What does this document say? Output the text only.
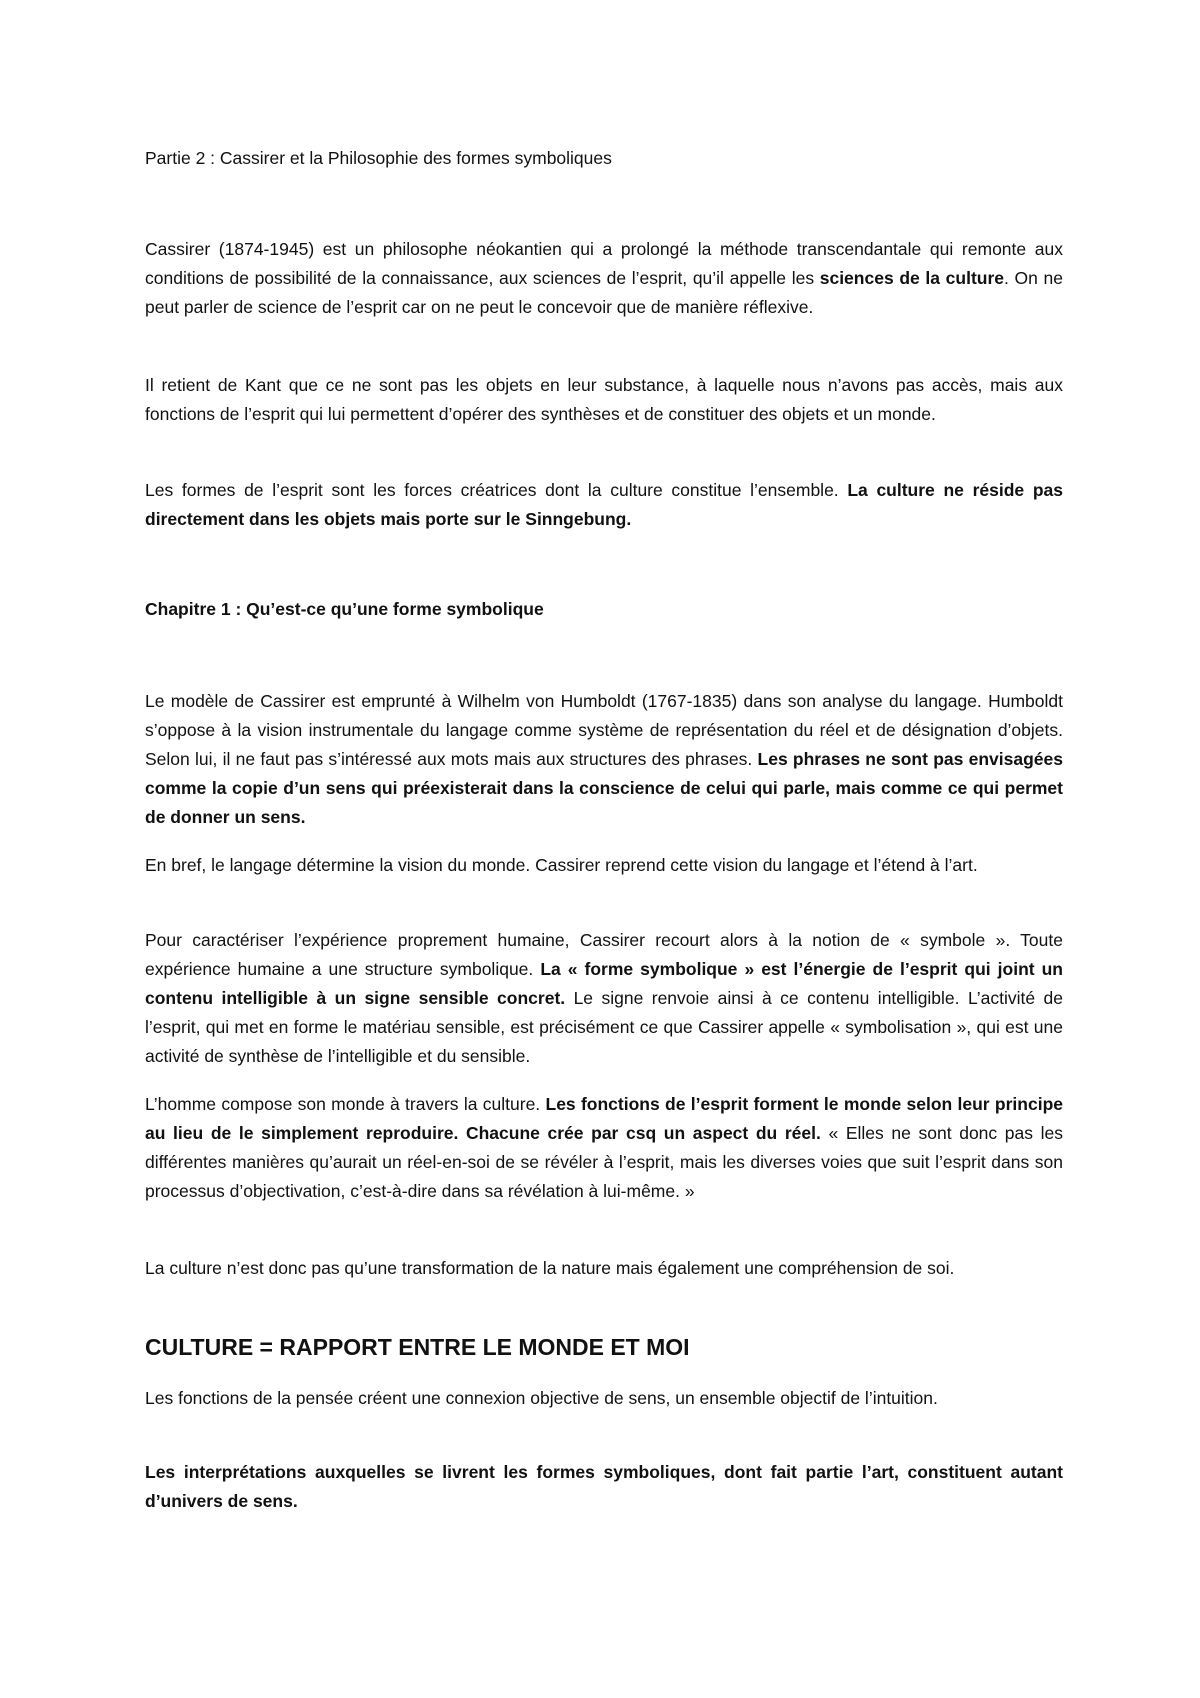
Partie 2 : Cassirer et la Philosophie des formes symboliques

Cassirer (1874-1945) est un philosophe néokantien qui a prolongé la méthode transcendantale qui remonte aux conditions de possibilité de la connaissance, aux sciences de l’esprit, qu’il appelle les sciences de la culture. On ne peut parler de science de l’esprit car on ne peut le concevoir que de manière réflexive.

Il retient de Kant que ce ne sont pas les objets en leur substance, à laquelle nous n’avons pas accès, mais aux fonctions de l’esprit qui lui permettent d’opérer des synthèses et de constituer des objets et un monde.

Les formes de l’esprit sont les forces créatrices dont la culture constitue l’ensemble. La culture ne réside pas directement dans les objets mais porte sur le Sinngebung.

Chapitre 1 : Qu’est-ce qu’une forme symbolique

Le modèle de Cassirer est emprunté à Wilhelm von Humboldt (1767-1835) dans son analyse du langage. Humboldt s’oppose à la vision instrumentale du langage comme système de représentation du réel et de désignation d’objets. Selon lui, il ne faut pas s’intéressé aux mots mais aux structures des phrases. Les phrases ne sont pas envisagées comme la copie d’un sens qui préexisterait dans la conscience de celui qui parle, mais comme ce qui permet de donner un sens.

En bref, le langage détermine la vision du monde. Cassirer reprend cette vision du langage et l’étend à l’art.

Pour caractériser l’expérience proprement humaine, Cassirer recourt alors à la notion de « symbole ». Toute expérience humaine a une structure symbolique. La « forme symbolique » est l’énergie de l’esprit qui joint un contenu intelligible à un signe sensible concret. Le signe renvoie ainsi à ce contenu intelligible. L’activité de l’esprit, qui met en forme le matériau sensible, est précisément ce que Cassirer appelle « symbolisation », qui est une activité de synthèse de l’intelligible et du sensible.

L’homme compose son monde à travers la culture. Les fonctions de l’esprit forment le monde selon leur principe au lieu de le simplement reproduire. Chacune crée par csq un aspect du réel. « Elles ne sont donc pas les différentes manières qu’aurait un réel-en-soi de se révéler à l’esprit, mais les diverses voies que suit l’esprit dans son processus d’objectivation, c’est-à-dire dans sa révélation à lui-même. »

La culture n’est donc pas qu’une transformation de la nature mais également une compréhension de soi.

CULTURE = RAPPORT ENTRE LE MONDE ET MOI

Les fonctions de la pensée créent une connexion objective de sens, un ensemble objectif de l’intuition.

Les interprétations auxquelles se livrent les formes symboliques, dont fait partie l’art, constituent autant d’univers de sens.
